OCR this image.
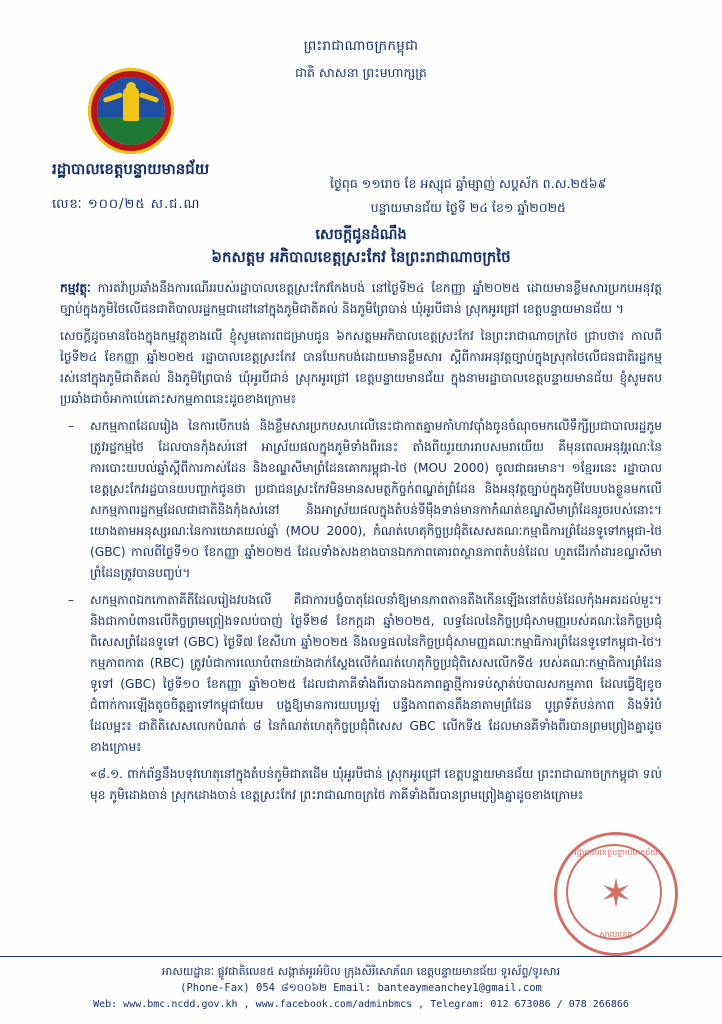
ព្រះរាជាណាចក្រកម្ពុជា
ជាតិ សាសនា ព្រះមហាក្សត្រ
រដ្ឋាបាលខេត្តបន្ទាយមានជ័យ
លេខៈ ១០០/២៥ ស.ជ.ណ
ថ្ងៃពុធ ១១រោច ខែ អស្សុជ ឆ្នាំម្សាញ់ សប្តស័ក ព.ស.២៥៦៩
បន្ទាយមានជ័យ ថ្ងៃទី ២៤ ខែ១ ឆ្នាំ២០២៥
សេចក្តីជូនដំណឹង
៦កសត្តម អភិបាលខេត្តស្រះកែវ នៃព្រះរាជាណាចក្រថៃ

កម្មវត្ថុៈ ការតវ៉ាប្រឆាំងនឹងការណើររបស់រដ្ឋាបាលខេត្តស្រះកែវកែងបង់ នៅថ្ងៃទី២៤ ខែកញ្ញា ឆ្នាំ២០២៥ ដោយមានខ្លឹមសារប្រកបអនុវត្តច្បាប់ក្នុងភូមិថៃលើជនជាតិបាលរដ្ឋកម្មជាដៅនៅក្នុងភូមិជាតិគល់ និងភូមិព្រែបាន់ ឃុំអូរបីជាន់ ស្រុកអូរជ្រៅ ខេត្តបន្ទាយមានជ័យ ។

សេចក្តីដូចមានចែងក្នុងកម្មវត្ថុខាងលើ ខ្ញុំសូមគោរពជម្រាបជូន ៦កសត្តមអភិបាលខេត្តស្រះកែវ នៃព្រះរាជាណាចក្រថៃ ជ្រាបថា៖ កាលពីថ្ងៃទី២៤ ខែកញ្ញា ឆ្នាំ២០២៥ រដ្ឋាបាលខេត្តស្រះកែវ បានឃែកបង់ដោយមានខ្លឹមសារ ស្តីពីការអនុវត្តច្បាប់ក្នុងស្រុកថៃលើជនជាតិរដ្ឋកម្មរស់នៅក្នុងភូមិជាតិគល់ និងភូមិព្រែបាន់ ឃុំអូរបីជាន់ ស្រុកអូរជ្រៅ ខេត្តបន្ទាយមានជ័យ ក្នុងនាមរដ្ឋាបាលខេត្តបន្ទាយមានជ័យ ខ្ញុំសូមតបប្រឆាំងជាចំអាកាបេ់គោះសកម្មភាពនេះដូចខាងក្រោម៖

– សកម្មភាពដែលរៀង នៃការបើកបង់ និងខ្លឹមសារប្រកបសហលើនេះជាកាតគ្នាមកាំហាវប៉ាំងចូនចំណុចមកលើទឹក្សីប្រជាបាលរដ្ឋភូមត្រូវរដ្ឋកម្មថៃ ដែលបានកុំងសរ់នៅ អាស្រ័យផលក្នុងភូមិទាំងពីរនេះ តាំងពីយូរយាររាបសមរាយើយ គឺមុនពេលអនុវរ្តរណៈនៃការបោះយបល់ឆ្នាំស្តីពីការកាស់ដែន និងខណ្ឌសីមាព្រំដែនគោករម្ពុជា-ថៃ (MOU 2000) ចូលជាធរមាន។ ១ខ្មែររនេះ រដ្ឋាបាលខេត្តស្រះកែវរដ្ឋបានយបញ្ចាក់ជូនថា ប្រជាជនស្រះកែវមិនមានសមត្ថកិច្ចក់ពណ្ឌត់ព្រំដែន និងអនុវត្តច្បាប់ក្នុងភូមិបែបបងខ្លួនមកលើសកម្មភាពរដ្ឋកម្មដែលជាជាតិនិងកុំងសរ់នៅ និងអាស្រ័យផលក្នុងតំបន់ទីម៉ឺងទាន់មានកាក់ំណត់ខណ្ឌសីមាព្រំដែនរួចរបស់នោះ។ យោងតាមអនុស្សរណៈនៃការយោគយល់ឆ្នាំ (MOU 2000), កំណត់ហេតុកិច្ចប្រជុំតិសេសគណៈកម្មាធិការព្រំដែនទូទៅកម្ពុជា-ថៃ (GBC) កាលពីថ្ងៃទី១០ ខែកញ្ញា ឆ្នាំ២០២៥ ដែលទាំងសងខាងបានឯកភាពគោរពស្ថានភាពតំបន់ដែល ហួតដើរកាំដារខណ្ឌសីមាព្រំដែនត្រូវបានបញ្ចប់។
– សកម្មភាពឯកកោតាគីតីដែលរៀងវបងលើ គឺជាការបង្ខំបាតុដែលនាំឱ្យមានភាពតានតឹងកើនឡើងនៅតំបន់ដែលកុំងអគរដល់មួះ។ និងជាកាបំពានលើកិច្ចព្រមព្រៀងទលប់បាញ់ ថ្ងៃទី២៨ ខែកក្កដា ឆ្នាំ២០២៥, លទ្ធដែលនៃកិច្ចប្រជុំសាមញ្ញរបស់គណៈនៃកិច្ចប្រជុំពិសេសព្រំដែនទូទៅ (GBC) ថ្ងៃទី៧ ខែសីហា ឆ្នាំ២០២៥ និងលទ្ធផលនៃកិច្ចប្រជុំសាមញ្ញគណៈកម្មាធិការព្រំដែនទូទៅកម្ពុជា-ថៃ។ កម្មភាពកាត (RBC) ត្រូវបំជាការឈោបំពានយ៉ាងជាក់ស្តែងលើកំណត់ហេតុកិច្ចប្រជុំពិសេសលើកទី៥ របស់គណៈកម្មាធិការព្រំដែនទូទៅ (GBC) ថ្ងៃទី១០ ខែកញ្ញា ឆ្នាំ២០២៥ ដែលជាភាគីទាំងពីរបានឯកភាពគ្នាថ្មីការទប់ស្កាត់ប់បាលសកម្មភាព ដែលធ្វើឱ្យខូចជំពាក់ការឡើងតូចចិត្តគ្នាទៅកម្ពុជាយែម បង្ហឱ្យមានការយបប្រឡ់ បន្ធឹងភាពតានតឹងនាតាមព្រំដែន បូព្រទ័ំតំបន់កាព និងទំរំបំដែលម្អះ៖ ជាតិតិសេសលេកបំណត់ ៨ នៃកំណត់ហេតុកិច្ចប្រជុំពិសេស GBC លើកទី៥ ដែលមានគីទាំងពីរបានព្រមព្រៀងគ្នាដូចខាងក្រោម៖
«៨.១. ពាក់ព័ន្ធនឹងបទុវហេតុនៅក្នុងតំបន់ភូមិជាតដើម ឃុំអូរបីជាន់ ស្រុកអូរជ្រៅ ខេត្តបន្ទាយមានជ័យ ព្រះរាជាណាចក្រកម្ពុជា ទល់មុខ ភូមិដោងចាន់ ស្រុកដោងចាន់ ខេត្តស្រះកែវ ព្រះរាជាណាចក្រថៃ ភាគីទាំងពីរបានព្រមព្រៀងគ្នាដូចខាងក្រោម៖
រដ្ឋាបាលខេត្តបន្ទាយមានជ័យ
✶
សាលាខេត្ត
អាសយដ្ឋានៈ ផ្លូវជាតិលេខ៥ សង្កាត់អូរអំបិល ក្រុងសិរីសោភ័ណ ខេត្តបន្ទាយមានជ័យ ទូរស័ព្ទ/ទូរសារ
(Phone-Fax) 054 ៨១០០៦២ Email: banteaymeanchey1@gmail.com
Web: www.bmc.ncdd.gov.kh , www.facebook.com/adminbmcs , Telegram: 012 673086 / 078 266866
